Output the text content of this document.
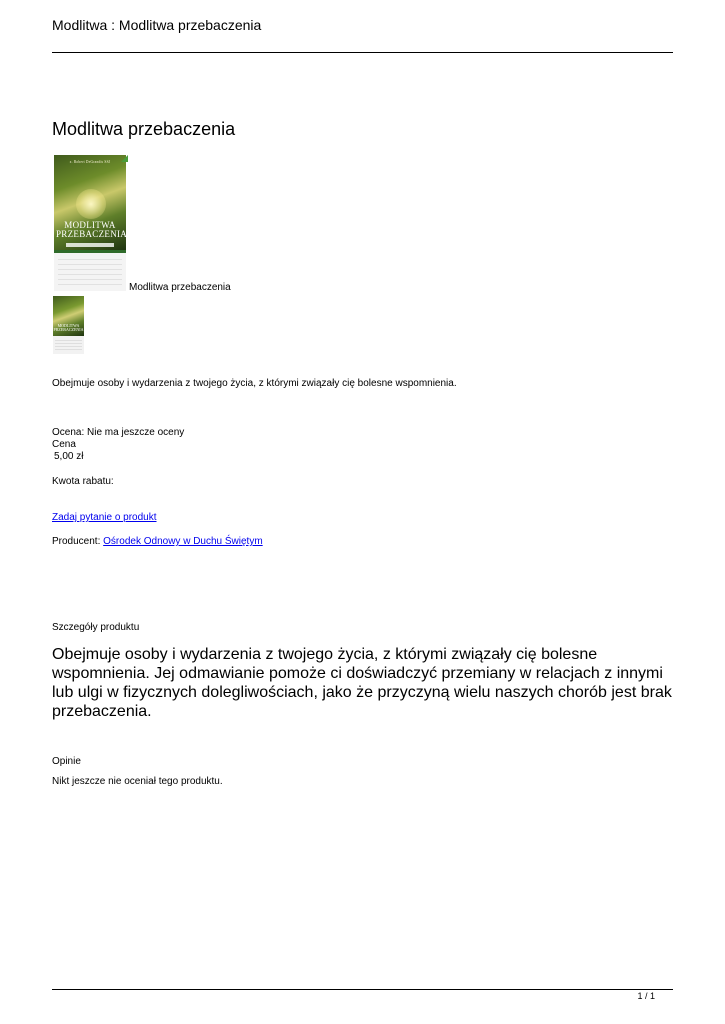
Modlitwa : Modlitwa przebaczenia
Modlitwa przebaczenia
x. Robert DeGrandis SSJ
MODLITWA
PRZEBACZENIA
Modlitwa przebaczenia
MODLITWA
PRZEBACZENIA
Obejmuje osoby i wydarzenia z twojego życia, z którymi związały cię bolesne wspomnienia.
Ocena: Nie ma jeszcze oceny
Cena
5,00 zł
Kwota rabatu:
Zadaj pytanie o produkt
Producent: Ośrodek Odnowy w Duchu Świętym
Szczegóły produktu

Obejmuje osoby i wydarzenia z twojego życia, z którymi związały cię bolesne wspomnienia. Jej odmawianie pomoże ci doświadczyć przemiany w relacjach z innymi lub ulgi w fizycznych dolegliwościach, jako że przyczyną wielu naszych chorób jest brak przebaczenia.

Opinie
Nikt jeszcze nie oceniał tego produktu.
1 / 1
